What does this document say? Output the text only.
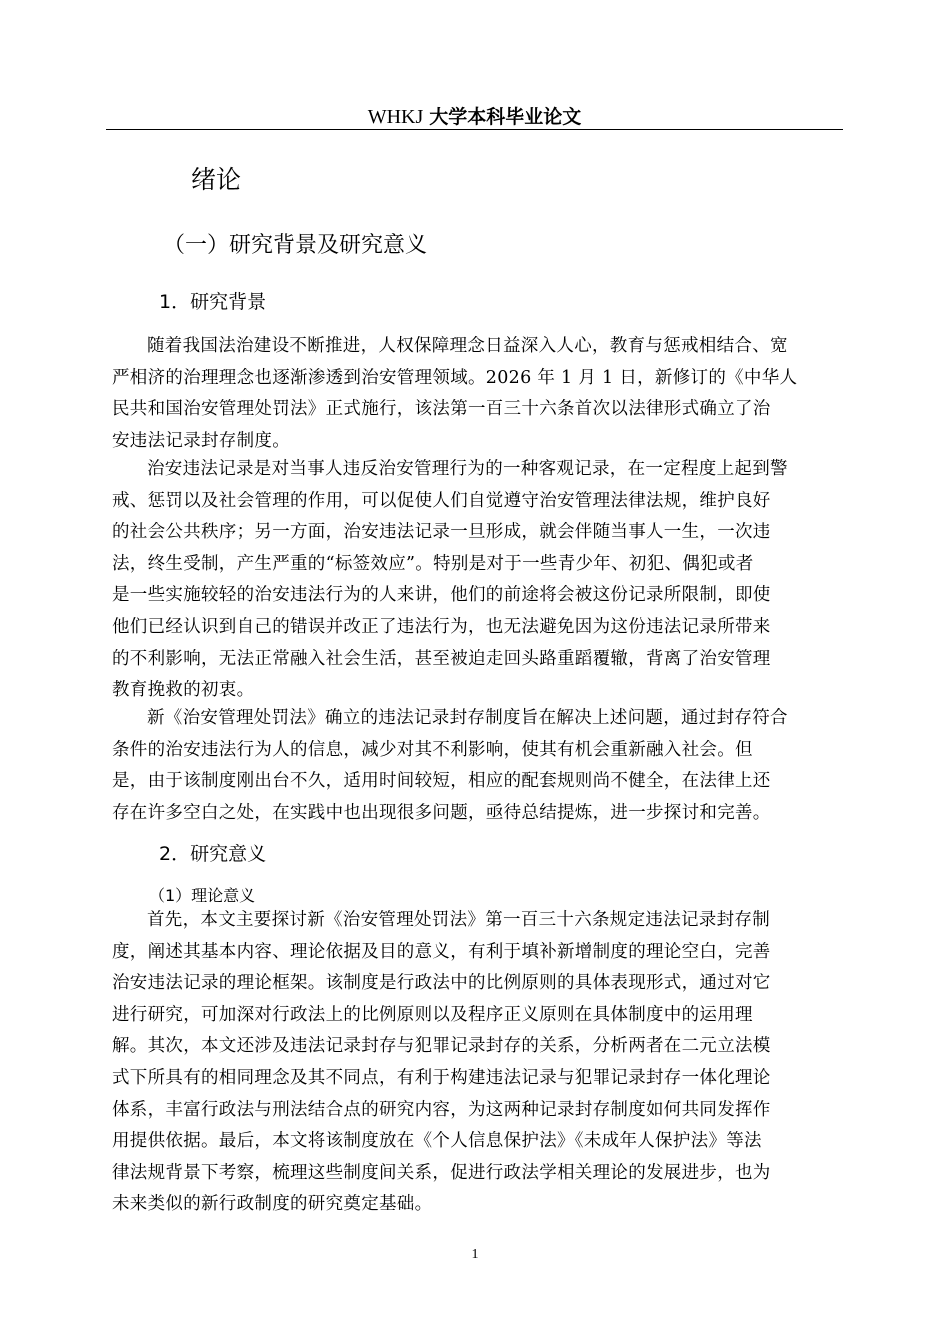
WHKJ 大学本科毕业论文
绪论
（一）研究背景及研究意义
1．研究背景
随着我国法治建设不断推进，人权保障理念日益深入人心，教育与惩戒相结合、宽
严相济的治理理念也逐渐渗透到治安管理领域。2026 年 1 月 1 日，新修订的《中华人
民共和国治安管理处罚法》正式施行，该法第一百三十六条首次以法律形式确立了治
安违法记录封存制度。
治安违法记录是对当事人违反治安管理行为的一种客观记录，在一定程度上起到警
戒、惩罚以及社会管理的作用，可以促使人们自觉遵守治安管理法律法规，维护良好
的社会公共秩序；另一方面，治安违法记录一旦形成，就会伴随当事人一生，一次违
法，终生受制，产生严重的“标签效应”。特别是对于一些青少年、初犯、偶犯或者
是一些实施较轻的治安违法行为的人来讲，他们的前途将会被这份记录所限制，即使
他们已经认识到自己的错误并改正了违法行为，也无法避免因为这份违法记录所带来
的不利影响，无法正常融入社会生活，甚至被迫走回头路重蹈覆辙，背离了治安管理
教育挽救的初衷。
新《治安管理处罚法》确立的违法记录封存制度旨在解决上述问题，通过封存符合
条件的治安违法行为人的信息，减少对其不利影响，使其有机会重新融入社会。但
是，由于该制度刚出台不久，适用时间较短，相应的配套规则尚不健全，在法律上还
存在许多空白之处，在实践中也出现很多问题，亟待总结提炼，进一步探讨和完善。
2．研究意义
（1）理论意义
首先，本文主要探讨新《治安管理处罚法》第一百三十六条规定违法记录封存制
度，阐述其基本内容、理论依据及目的意义，有利于填补新增制度的理论空白，完善
治安违法记录的理论框架。该制度是行政法中的比例原则的具体表现形式，通过对它
进行研究，可加深对行政法上的比例原则以及程序正义原则在具体制度中的运用理
解。其次，本文还涉及违法记录封存与犯罪记录封存的关系，分析两者在二元立法模
式下所具有的相同理念及其不同点，有利于构建违法记录与犯罪记录封存一体化理论
体系，丰富行政法与刑法结合点的研究内容，为这两种记录封存制度如何共同发挥作
用提供依据。最后，本文将该制度放在《个人信息保护法》《未成年人保护法》等法
律法规背景下考察，梳理这些制度间关系，促进行政法学相关理论的发展进步，也为
未来类似的新行政制度的研究奠定基础。
1
